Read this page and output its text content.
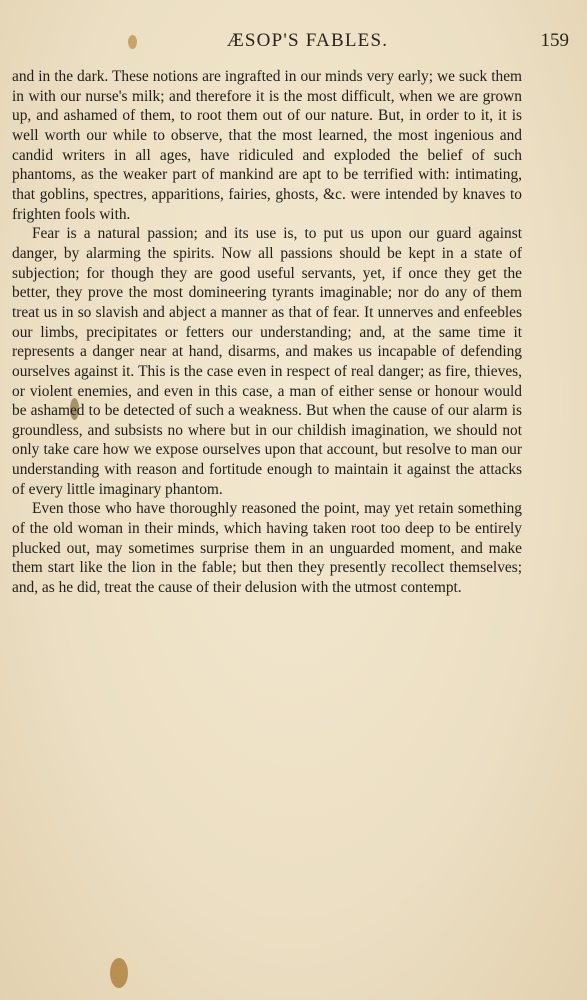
ÆSOP'S FABLES.	159

and in the dark. These notions are ingrafted in our minds very early; we suck them in with our nurse's milk; and therefore it is the most difficult, when we are grown up, and ashamed of them, to root them out of our nature. But, in order to it, it is well worth our while to observe, that the most learned, the most ingenious and candid writers in all ages, have ridiculed and exploded the belief of such phantoms, as the weaker part of mankind are apt to be terrified with: intimating, that goblins, spectres, apparitions, fairies, ghosts, &c. were intended by knaves to frighten fools with.

Fear is a natural passion; and its use is, to put us upon our guard against danger, by alarming the spirits. Now all passions should be kept in a state of subjection; for though they are good useful servants, yet, if once they get the better, they prove the most domineering tyrants imaginable; nor do any of them treat us in so slavish and abject a manner as that of fear. It unnerves and enfeebles our limbs, precipitates or fetters our understanding; and, at the same time it represents a danger near at hand, disarms, and makes us incapable of defending ourselves against it. This is the case even in respect of real danger; as fire, thieves, or violent enemies, and even in this case, a man of either sense or honour would be ashamed to be detected of such a weakness. But when the cause of our alarm is groundless, and subsists no where but in our childish imagination, we should not only take care how we expose ourselves upon that account, but resolve to man our understanding with reason and fortitude enough to maintain it against the attacks of every little imaginary phantom.

Even those who have thoroughly reasoned the point, may yet retain something of the old woman in their minds, which having taken root too deep to be entirely plucked out, may sometimes surprise them in an unguarded moment, and make them start like the lion in the fable; but then they presently recollect themselves; and, as he did, treat the cause of their delusion with the utmost contempt.
